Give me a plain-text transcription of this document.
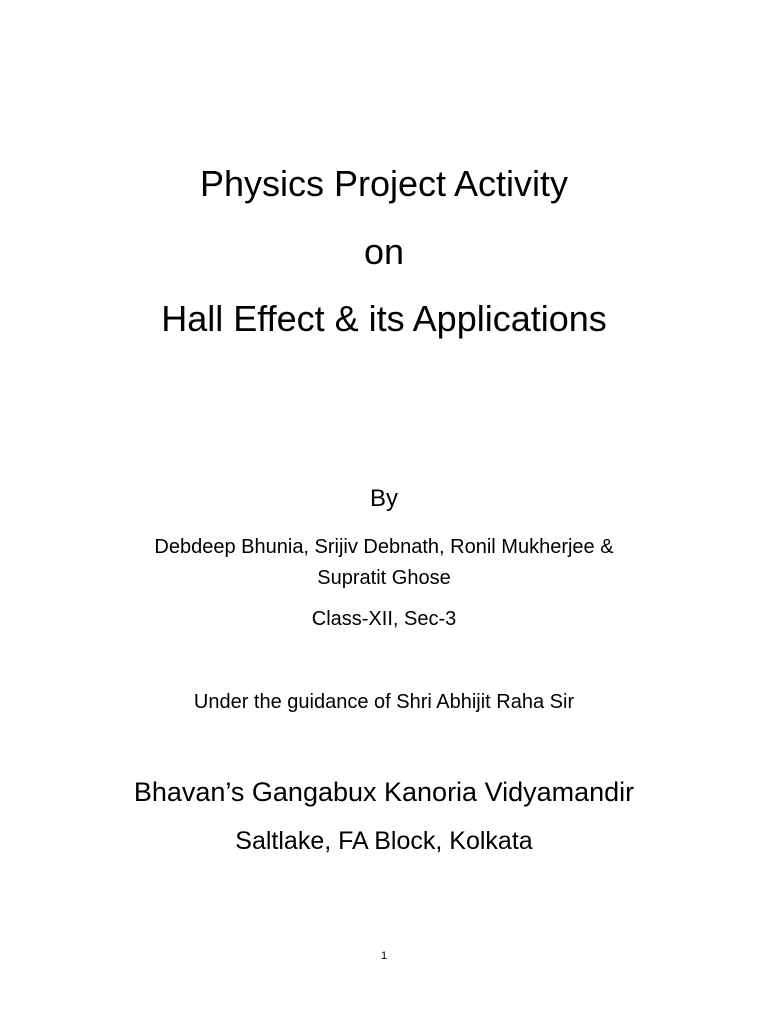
Physics Project Activity
on
Hall Effect & its Applications
By
Debdeep Bhunia, Srijiv Debnath, Ronil Mukherjee &
Supratit Ghose
Class-XII, Sec-3
Under the guidance of Shri Abhijit Raha Sir
Bhavan’s Gangabux Kanoria Vidyamandir
Saltlake, FA Block, Kolkata
1
